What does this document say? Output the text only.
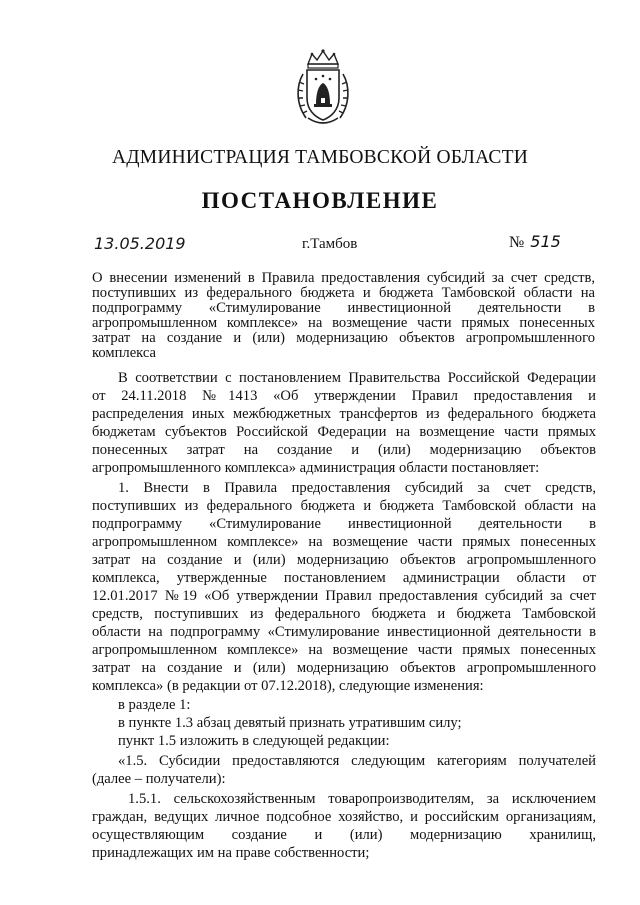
АДМИНИСТРАЦИЯ ТАМБОВСКОЙ ОБЛАСТИ
ПОСТАНОВЛЕНИЕ
13.05.2019	г.Тамбов	№ 515
О внесении изменений в Правила предоставления субсидий за счет средств,
поступивших из федерального бюджета и бюджета Тамбовской области на
подпрограмму «Стимулирование инвестиционной деятельности в
агропромышленном комплексе» на возмещение части прямых понесенных
затрат на создание и (или) модернизацию объектов агропромышленного
комплекса
В соответствии с постановлением Правительства Российской Федерации
от 24.11.2018 №1413 «Об утверждении Правил предоставления и
распределения иных межбюджетных трансфертов из федерального бюджета
бюджетам субъектов Российской Федерации на возмещение части прямых
понесенных затрат на создание и (или) модернизацию объектов
агропромышленного комплекса» администрация области постановляет:
1. Внести в Правила предоставления субсидий за счет средств,
поступивших из федерального бюджета и бюджета Тамбовской области на
подпрограмму «Стимулирование инвестиционной деятельности в
агропромышленном комплексе» на возмещение части прямых понесенных
затрат на создание и (или) модернизацию объектов агропромышленного
комплекса, утвержденные постановлением администрации области от
12.01.2017 №19 «Об утверждении Правил предоставления субсидий за счет
средств, поступивших из федерального бюджета и бюджета Тамбовской
области на подпрограмму «Стимулирование инвестиционной деятельности в
агропромышленном комплексе» на возмещение части прямых понесенных
затрат на создание и (или) модернизацию объектов агропромышленного
комплекса» (в редакции от 07.12.2018), следующие изменения:
в разделе 1:
в пункте 1.3 абзац девятый признать утратившим силу;
пункт 1.5 изложить в следующей редакции:
«1.5. Субсидии предоставляются следующим категориям получателей
(далее – получатели):
1.5.1. сельскохозяйственным товаропроизводителям, за исключением
граждан, ведущих личное подсобное хозяйство, и российским организациям,
осуществляющим создание и (или) модернизацию хранилищ,
принадлежащих им на праве собственности;
